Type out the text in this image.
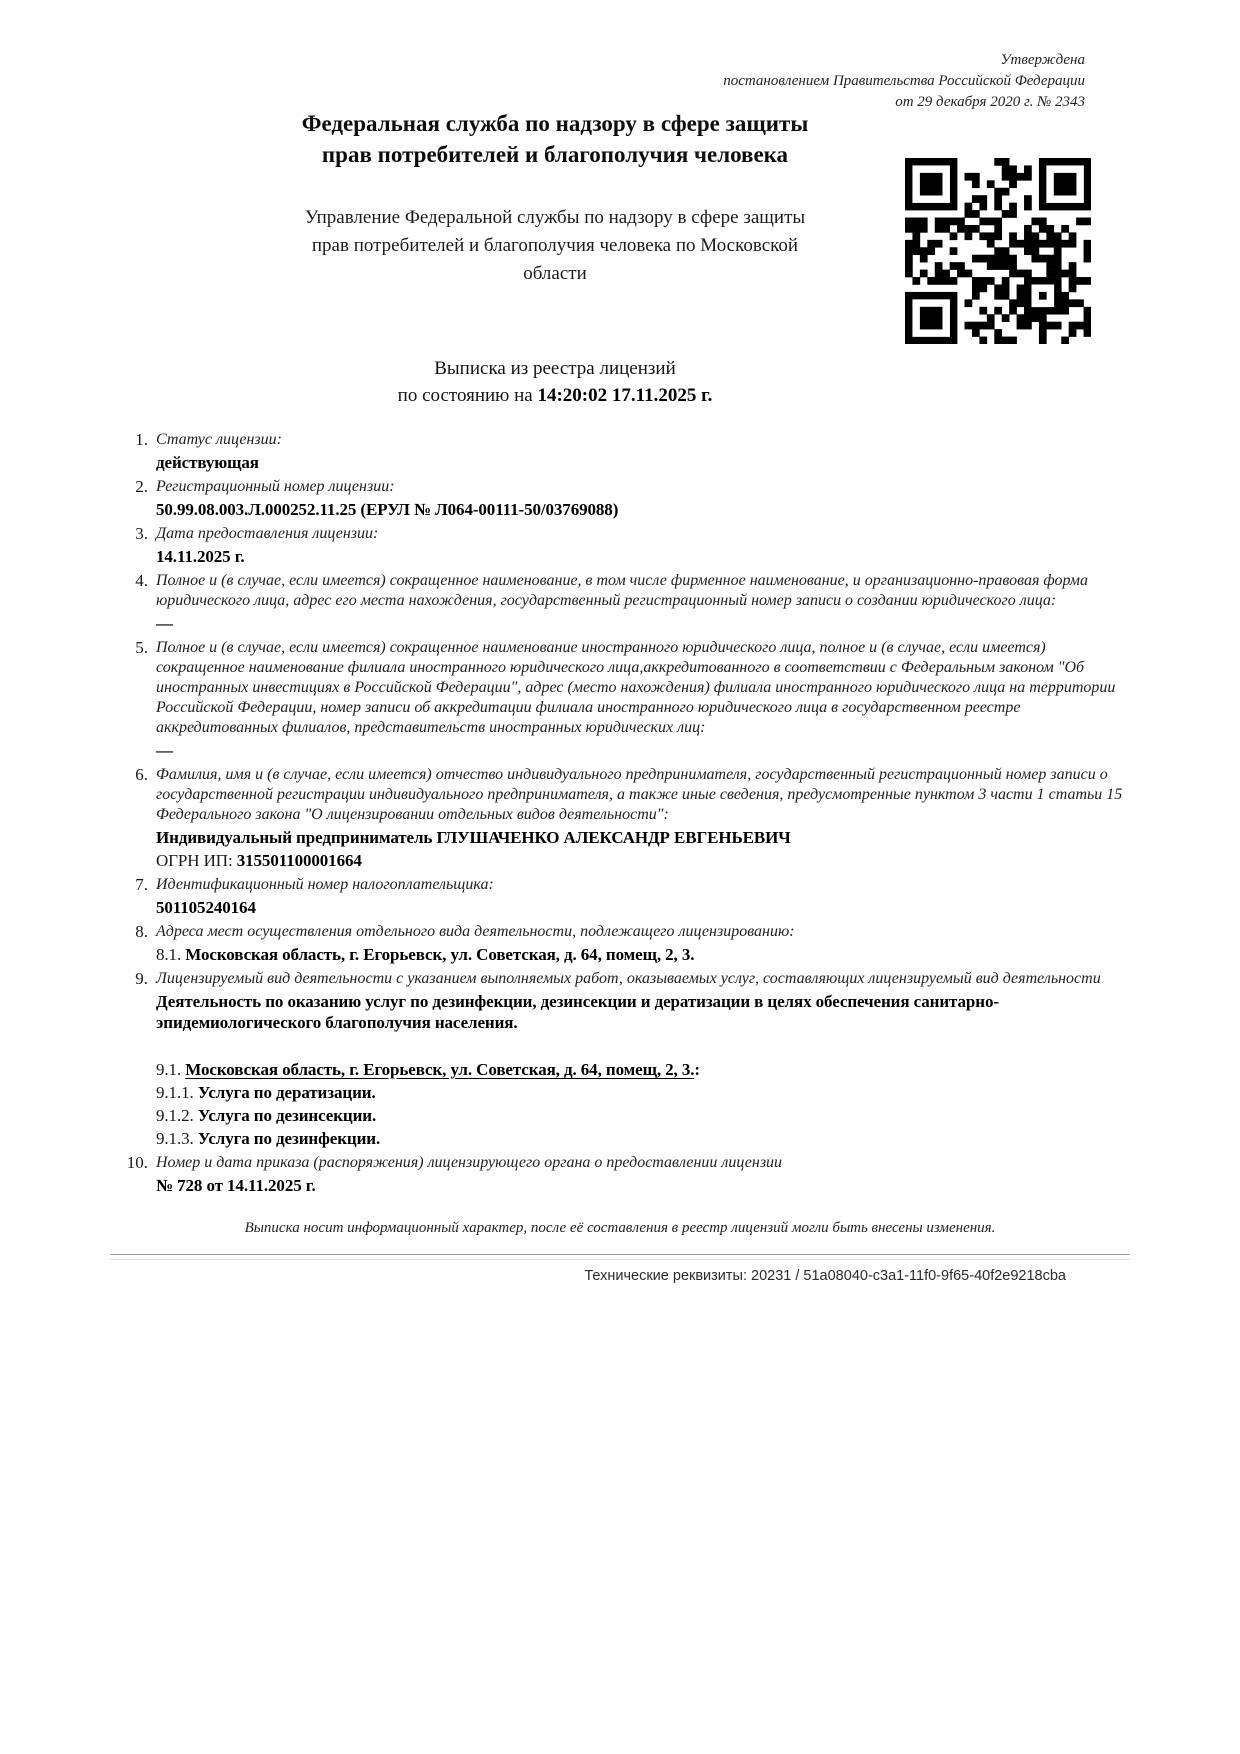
Утверждена
постановлением Правительства Российской Федерации
от 29 декабря 2020 г. № 2343
Федеральная служба по надзору в сфере защиты прав потребителей и благополучия человека
Управление Федеральной службы по надзору в сфере защиты прав потребителей и благополучия человека по Московской области
Выписка из реестра лицензий
по состоянию на 14:20:02 17.11.2025 г.
1. Статус лицензии:
действующая
2. Регистрационный номер лицензии:
50.99.08.003.Л.000252.11.25 (ЕРУЛ № Л064-00111-50/03769088)
3. Дата предоставления лицензии:
14.11.2025 г.
4. Полное и (в случае, если имеется) сокращенное наименование, в том числе фирменное наименование, и организационно-правовая форма юридического лица, адрес его места нахождения, государственный регистрационный номер записи о создании юридического лица:
—
5. Полное и (в случае, если имеется) сокращенное наименование иностранного юридического лица, полное и (в случае, если имеется) сокращенное наименование филиала иностранного юридического лица,аккредитованного в соответствии с Федеральным законом "Об иностранных инвестициях в Российской Федерации", адрес (место нахождения) филиала иностранного юридического лица на территории Российской Федерации, номер записи об аккредитации филиала иностранного юридического лица в государственном реестре аккредитованных филиалов, представительств иностранных юридических лиц:
—
6. Фамилия, имя и (в случае, если имеется) отчество индивидуального предпринимателя, государственный регистрационный номер записи о государственной регистрации индивидуального предпринимателя, а также иные сведения, предусмотренные пунктом 3 части 1 статьи 15 Федерального закона "О лицензировании отдельных видов деятельности":
Индивидуальный предприниматель ГЛУШАЧЕНКО АЛЕКСАНДР ЕВГЕНЬЕВИЧ
ОГРН ИП: 315501100001664
7. Идентификационный номер налогоплательщика:
501105240164
8. Адреса мест осуществления отдельного вида деятельности, подлежащего лицензированию:
8.1. Московская область, г. Егорьевск, ул. Советская, д. 64, помещ, 2, 3.
9. Лицензируемый вид деятельности с указанием выполняемых работ, оказываемых услуг, составляющих лицензируемый вид деятельности
Деятельность по оказанию услуг по дезинфекции, дезинсекции и дератизации в целях обеспечения санитарно-эпидемиологического благополучия населения.
9.1. Московская область, г. Егорьевск, ул. Советская, д. 64, помещ, 2, 3.:
9.1.1. Услуга по дератизации.
9.1.2. Услуга по дезинсекции.
9.1.3. Услуга по дезинфекции.
10. Номер и дата приказа (распоряжения) лицензирующего органа о предоставлении лицензии
№ 728 от 14.11.2025 г.
Выписка носит информационный характер, после её составления в реестр лицензий могли быть внесены изменения.
Технические реквизиты: 20231 / 51a08040-c3a1-11f0-9f65-40f2e9218cba
